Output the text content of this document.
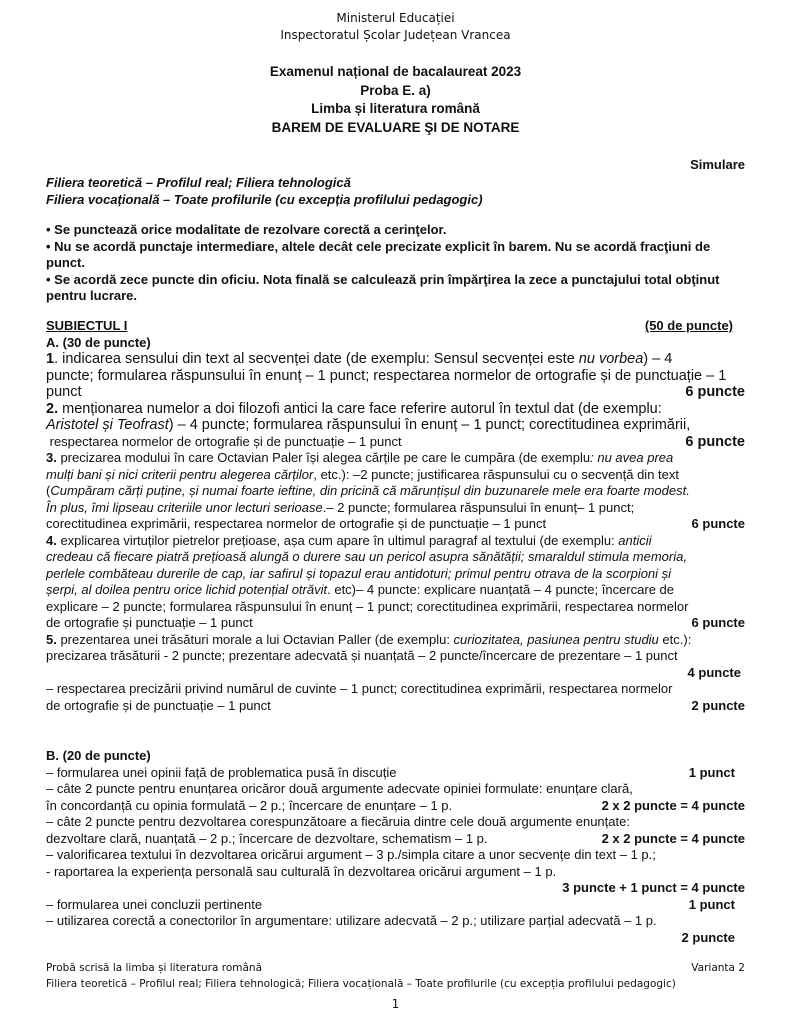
Ministerul Educației
Inspectoratul Școlar Județean Vrancea
Examenul național de bacalaureat 2023
Proba E. a)
Limba și literatura română
BAREM DE EVALUARE ŞI DE NOTARE
Simulare
Filiera teoretică – Profilul real; Filiera tehnologică
Filiera vocațională – Toate profilurile (cu excepția profilului pedagogic)

• Se punctează orice modalitate de rezolvare corectă a cerinţelor.

• Nu se acordă punctaje intermediare, altele decât cele precizate explicit în barem. Nu se acordă fracţiuni de punct.

• Se acordă zece puncte din oficiu. Nota finală se calculează prin împărţirea la zece a punctajului total obţinut pentru lucrare.

SUBIECTUL I	(50 de puncte)
A. (30 de puncte)
1. indicarea sensului din text al secvenței date (de exemplu: Sensul secvenței este nu vorbea) – 4
puncte; formularea răspunsului în enunț – 1 punct; respectarea normelor de ortografie și de punctuație – 1
punct	6 puncte
2. menționarea numelor a doi filozofi antici la care face referire autorul în textul dat (de exemplu:
Aristotel și Teofrast) – 4 puncte; formularea răspunsului în enunț – 1 punct; corectitudinea exprimării,
respectarea normelor de ortografie și de punctuație – 1 punct	6 puncte
3. precizarea modului în care Octavian Paler își alegea cărțile pe care le cumpăra (de exemplu: nu avea prea
mulți bani și nici criterii pentru alegerea cărților, etc.): –2 puncte; justificarea răspunsului cu o secvență din text
(Cumpăram cărți puține, și numai foarte ieftine, din pricină că mărunțișul din buzunarele mele era foarte modest.
În plus, îmi lipseau criteriile unor lecturi serioase.– 2 puncte; formularea răspunsului în enunț– 1 punct;
corectitudinea exprimării, respectarea normelor de ortografie și de punctuație – 1 punct	6 puncte
4. explicarea virtuților pietrelor prețioase, așa cum apare în ultimul paragraf al textului (de exemplu: anticii
credeau că fiecare piatră prețioasă alungă o durere sau un pericol asupra sănătății; smaraldul stimula memoria,
perlele combăteau durerile de cap, iar safirul și topazul erau antidoturi; primul pentru otrava de la scorpioni și
șerpi, al doilea pentru orice lichid potențial otrăvit. etc)– 4 puncte: explicare nuanțată – 4 puncte; încercare de
explicare – 2 puncte; formularea răspunsului în enunț – 1 punct; corectitudinea exprimării, respectarea normelor
de ortografie și punctuație – 1 punct	6 puncte
5. prezentarea unei trăsături morale a lui Octavian Paller (de exemplu: curiozitatea, pasiunea pentru studiu etc.):
precizarea trăsăturii - 2 puncte; prezentare adecvată și nuanțată – 2 puncte/încercare de prezentare – 1 punct
4 puncte
– respectarea precizării privind numărul de cuvinte – 1 punct; corectitudinea exprimării, respectarea normelor
de ortografie și de punctuație – 1 punct	2 puncte
B. (20 de puncte)
– formularea unei opinii față de problematica pusă în discuție	1 punct
– câte 2 puncte pentru enunțarea oricăror două argumente adecvate opiniei formulate: enunțare clară,
în concordanță cu opinia formulată – 2 p.; încercare de enunțare – 1 p.	2 x 2 puncte = 4 puncte
– câte 2 puncte pentru dezvoltarea corespunzătoare a fiecăruia dintre cele două argumente enunțate:
dezvoltare clară, nuanțată – 2 p.; încercare de dezvoltare, schematism – 1 p.	2 x 2 puncte = 4 puncte
– valorificarea textului în dezvoltarea oricărui argument – 3 p./simpla citare a unor secvențe din text – 1 p.;
- raportarea la experiența personală sau culturală în dezvoltarea oricărui argument – 1 p.
3 puncte + 1 punct = 4 puncte
– formularea unei concluzii pertinente	1 punct
– utilizarea corectă a conectorilor în argumentare: utilizare adecvată – 2 p.; utilizare parțial adecvată – 1 p.
2 puncte
Probă scrisă la limba și literatura română	Varianta 2
Filiera teoretică – Profilul real; Filiera tehnologică; Filiera vocațională – Toate profilurile (cu excepția profilului pedagogic)
1
